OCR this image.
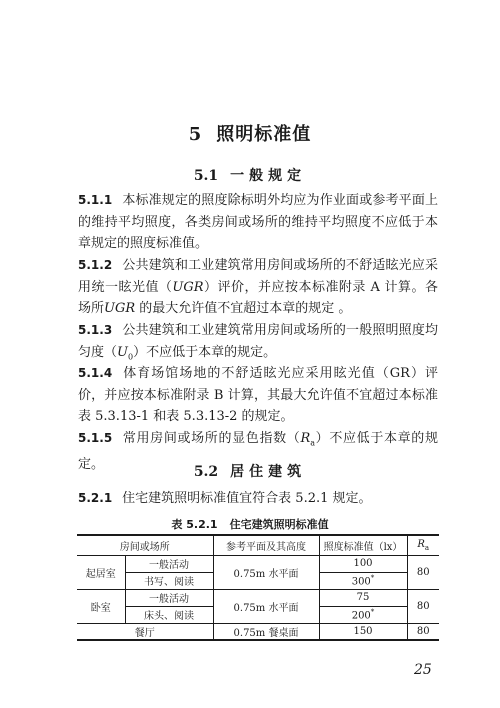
5 照明标准值
5.1 一般规定
5.1.1 本标准规定的照度除标明外均应为作业面或参考平面上的维持平均照度，各类房间或场所的维持平均照度不应低于本章规定的照度标准值。
5.1.2 公共建筑和工业建筑常用房间或场所的不舒适眩光应采用统一眩光值（UGR）评价，并应按本标准附录 A 计算。各场所UGR 的最大允许值不宜超过本章的规定 。
5.1.3 公共建筑和工业建筑常用房间或场所的一般照明照度均匀度$(U_0)$不应低于本章的规定。
5.1.4 体育场馆场地的不舒适眩光应采用眩光值（GR）评价，并应按本标准附录 B 计算，其最大允许值不宜超过本标准表 5.3.13-1 和表 5.3.13-2 的规定。
5.1.5 常用房间或场所的显色指数$(R_a)$不应低于本章的规定。	5.2 居住建筑
5.2.1 住宅建筑照明标准值宜符合表 5.2.1 规定。
表 5.2.1 住宅建筑照明标准值
房间或场所		参考平面及其高度	照度标准值（lx）	$R_a$
起居室	一般活动	0.75m 水平面	100	80
	书写、阅读		300*
卧室	一般活动	0.75m 水平面	75	80
	床头、阅读		200*
餐厅		0.75m 餐桌面	150	80
25
